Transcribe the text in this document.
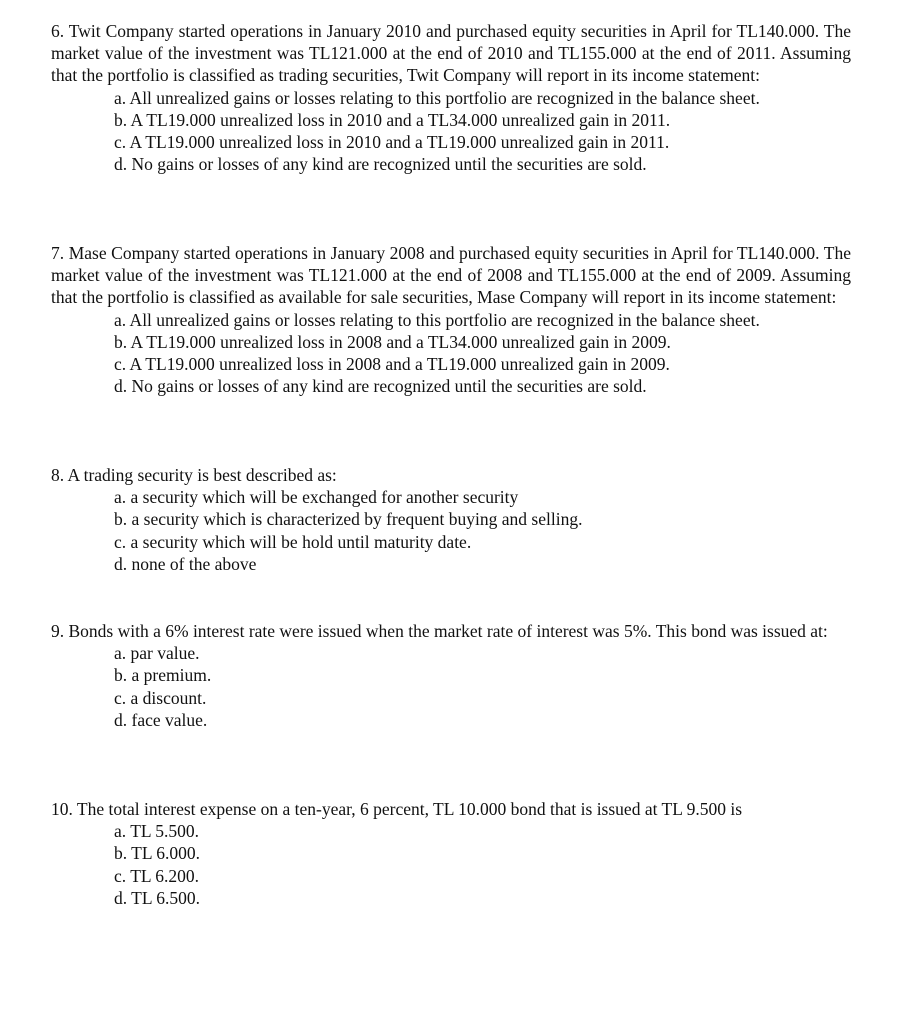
6. Twit Company started operations in January 2010 and purchased equity securities in April for TL140.000. The market value of the investment was TL121.000 at the end of 2010 and TL155.000 at the end of 2011. Assuming that the portfolio is classified as trading securities, Twit Company will report in its income statement:

a. All unrealized gains or losses relating to this portfolio are recognized in the balance sheet.
b. A TL19.000 unrealized loss in 2010 and a TL34.000 unrealized gain in 2011.
c. A TL19.000 unrealized loss in 2010 and a TL19.000 unrealized gain in 2011.
d. No gains or losses of any kind are recognized until the securities are sold.

7. Mase Company started operations in January 2008 and purchased equity securities in April for TL140.000. The market value of the investment was TL121.000 at the end of 2008 and TL155.000 at the end of 2009. Assuming that the portfolio is classified as available for sale securities, Mase Company will report in its income statement:

a. All unrealized gains or losses relating to this portfolio are recognized in the balance sheet.
b. A TL19.000 unrealized loss in 2008 and a TL34.000 unrealized gain in 2009.
c. A TL19.000 unrealized loss in 2008 and a TL19.000 unrealized gain in 2009.
d. No gains or losses of any kind are recognized until the securities are sold.

8. A trading security is best described as:

a. a security which will be exchanged for another security
b. a security which is characterized by frequent buying and selling.
c. a security which will be hold until maturity date.
d. none of the above

9. Bonds with a 6% interest rate were issued when the market rate of interest was 5%. This bond was issued at:

a. par value.
b. a premium.
c. a discount.
d. face value.

10. The total interest expense on a ten-year, 6 percent, TL 10.000 bond that is issued at TL 9.500 is

a. TL 5.500.
b. TL 6.000.
c. TL 6.200.
d. TL 6.500.
